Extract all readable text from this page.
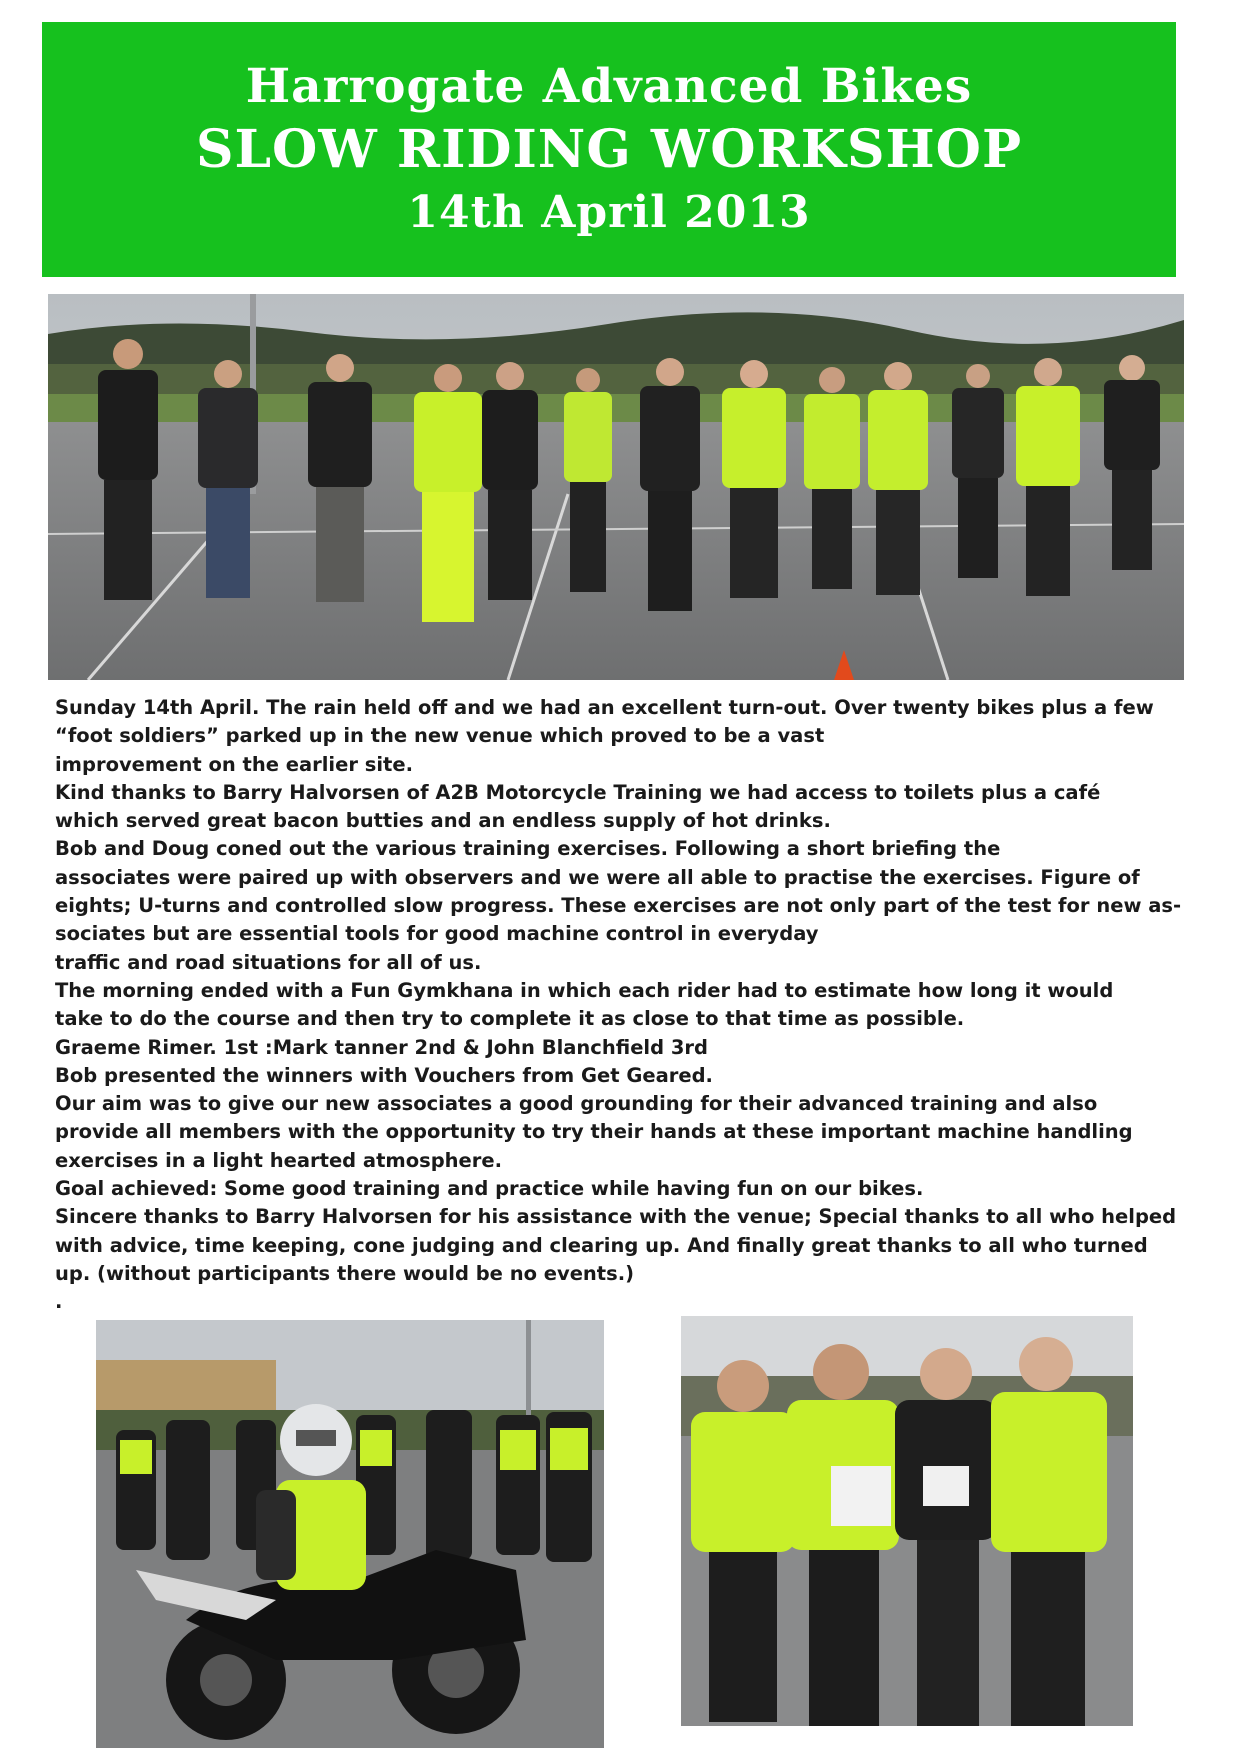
Harrogate Advanced Bikes
SLOW RIDING WORKSHOP
14th April 2013
Sunday 14th April. The rain held off and we had an excellent turn-out. Over twenty bikes plus a few
“foot soldiers” parked up in the new venue which proved to be a vast
improvement on the earlier site.
Kind thanks to Barry Halvorsen of A2B Motorcycle Training we had access to toilets plus a café
which served great bacon butties and an endless supply of hot drinks.
Bob and Doug coned out the various training exercises. Following a short briefing the
associates were paired up with observers and we were all able to practise the exercises. Figure of
eights; U-turns and controlled slow progress. These exercises are not only part of the test for new as-
sociates but are essential tools for good machine control in everyday
traffic and road situations for all of us.
The morning ended with a Fun Gymkhana in which each rider had to estimate how long it would
take to do the course and then try to complete it as close to that time as possible.
Graeme Rimer. 1st :Mark tanner 2nd & John Blanchfield 3rd
Bob presented the winners with Vouchers from Get Geared.
Our aim was to give our new associates a good grounding for their advanced training and also
provide all members with the opportunity to try their hands at these important machine handling
exercises in a light hearted atmosphere.
Goal achieved: Some good training and practice while having fun on our bikes.
Sincere thanks to Barry Halvorsen for his assistance with the venue; Special thanks to all who helped
with advice, time keeping, cone judging and clearing up. And finally great thanks to all who turned
up. (without participants there would be no events.)
.
